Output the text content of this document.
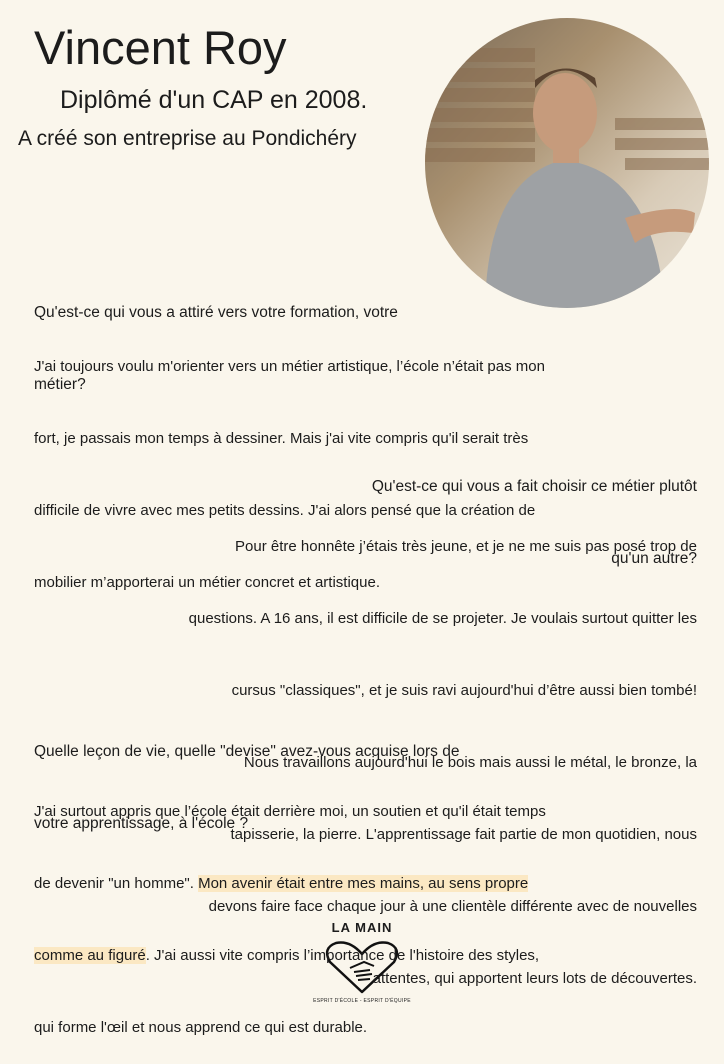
Vincent Roy
Diplômé d'un CAP en 2008.
A créé son entreprise au Pondichéry

Qu'est-ce qui vous a attiré vers votre formation, votre

métier?

J'ai toujours voulu m'orienter vers un métier artistique, l’école n’était pas mon

fort, je passais mon temps à dessiner. Mais j'ai vite compris qu'il serait très

difficile de vivre avec mes petits dessins. J'ai alors pensé que la création de

mobilier m’apporterai un métier concret et artistique.

Qu'est-ce qui vous a fait choisir ce métier plutôt

qu'un autre?

Pour être honnête j’étais très jeune, et je ne me suis pas posé trop de

questions. A 16 ans, il est difficile de se projeter. Je voulais surtout quitter les

cursus "classiques", et je suis ravi aujourd'hui d’être aussi bien tombé!

Nous travaillons aujourd'hui le bois mais aussi le métal, le bronze, la

tapisserie, la pierre. L'apprentissage fait partie de mon quotidien, nous

devons faire face chaque jour à une clientèle différente avec de nouvelles

attentes, qui apportent leurs lots de découvertes.

Quelle leçon de vie, quelle "devise" avez-vous acquise lors de

votre apprentissage, à l'école ?

J'ai surtout appris que l’école était derrière moi, un soutien et qu'il était temps

de devenir "un homme". Mon avenir était entre mes mains, au sens propre

comme au figuré. J'ai aussi vite compris l’importance de l'histoire des styles,

qui forme l'œil et nous apprend ce qui est durable.

LA MAIN
ESPRIT D'ÉCOLE - ESPRIT D'ÉQUIPE
